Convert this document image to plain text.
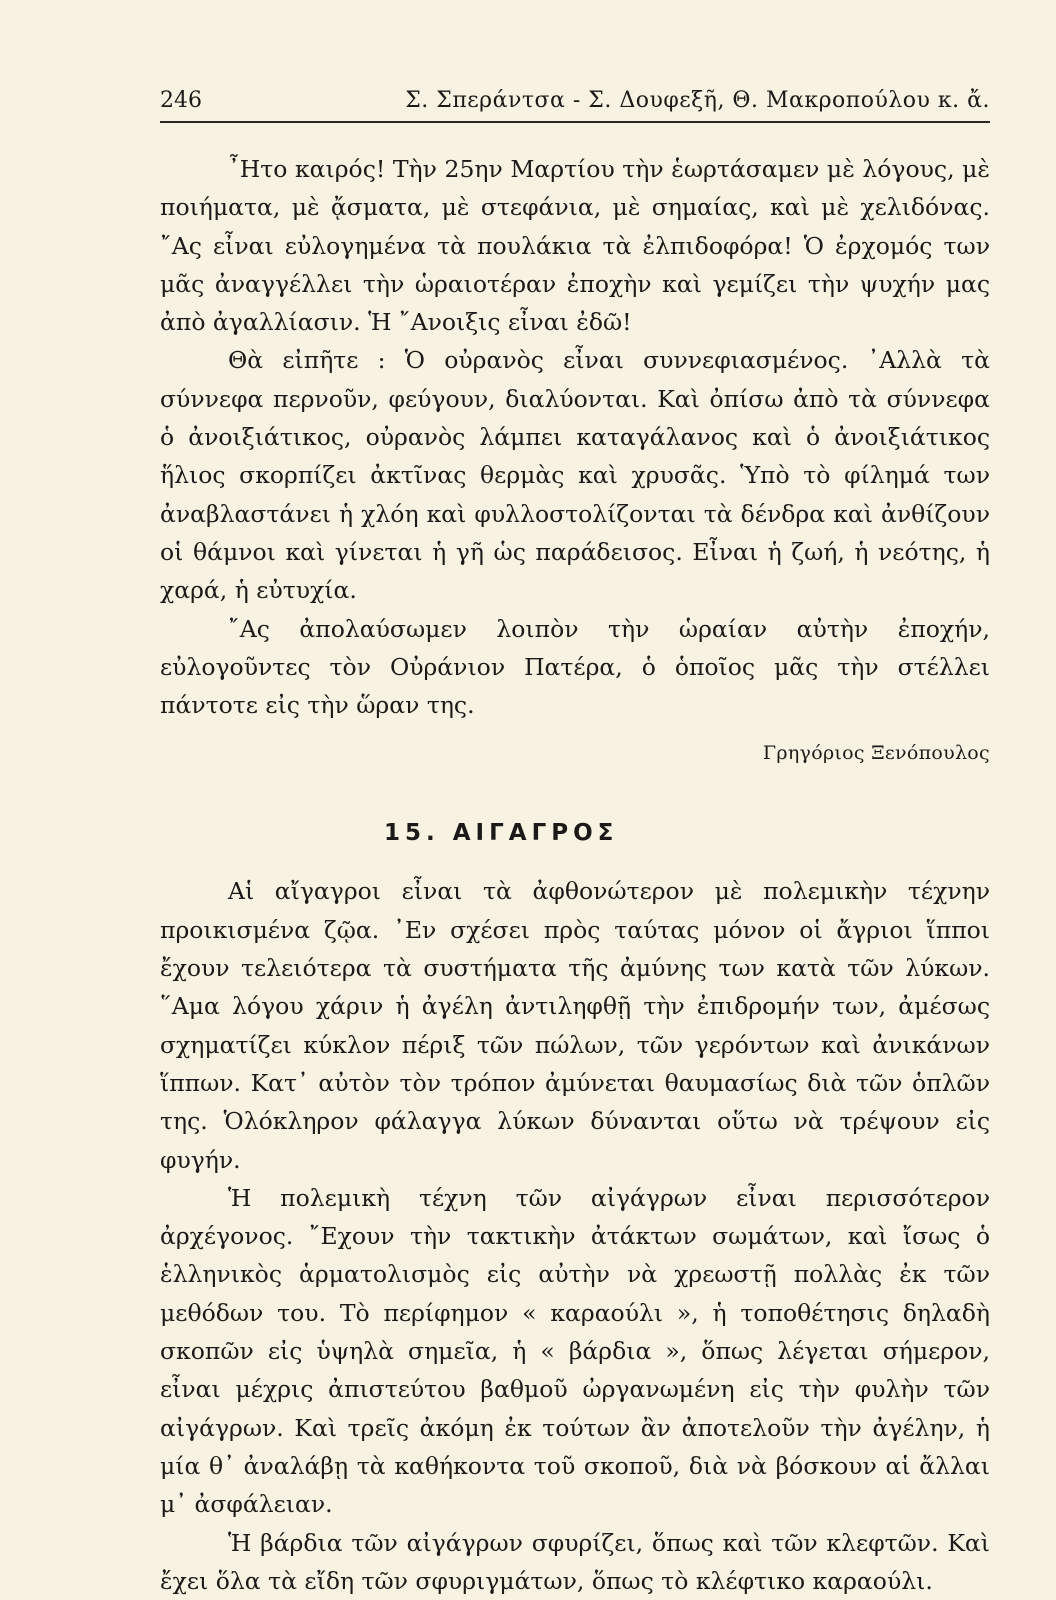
246	Σ. Σπεράντσα - Σ. Δουφεξῆ, Θ. Μακροπούλου κ. ἄ.

῏Ητο καιρός! Τὴν 25ην Μαρτίου τὴν ἑωρτάσαμεν μὲ λόγους, μὲ ποιήματα, μὲ ᾄσματα, μὲ στεφάνια, μὲ σημαίας, καὶ μὲ χελιδόνας. ῎Ας εἶναι εὐλογημένα τὰ πουλάκια τὰ ἐλπιδοφόρα! Ὁ ἐρχομός των μᾶς ἀναγγέλλει τὴν ὡραιοτέραν ἐποχὴν καὶ γεμίζει τὴν ψυχήν μας ἀπὸ ἀγαλλίασιν. Ἡ ῎Ανοιξις εἶναι ἐδῶ!

Θὰ εἰπῆτε : Ὁ οὐρανὸς εἶναι συννεφιασμένος. ᾿Αλλὰ τὰ σύννεφα περνοῦν, φεύγουν, διαλύονται. Καὶ ὀπίσω ἀπὸ τὰ σύννεφα ὁ ἀνοιξιάτικος, οὐρανὸς λάμπει καταγάλανος καὶ ὁ ἀνοιξιάτικος ἥλιος σκορπίζει ἀκτῖνας θερμὰς καὶ χρυσᾶς. Ὑπὸ τὸ φίλημά των ἀναβλαστάνει ἡ χλόη καὶ φυλλοστολίζονται τὰ δένδρα καὶ ἀνθίζουν οἱ θάμνοι καὶ γίνεται ἡ γῆ ὡς παράδεισος. Εἶναι ἡ ζωή, ἡ νεότης, ἡ χαρά, ἡ εὐτυχία.

῎Ας ἀπολαύσωμεν λοιπὸν τὴν ὡραίαν αὐτὴν ἐποχήν, εὐλογοῦντες τὸν Οὐράνιον Πατέρα, ὁ ὁποῖος μᾶς τὴν στέλλει πάντοτε εἰς τὴν ὥραν της.

Γρηγόριος Ξενόπουλος
15. ΑΙΓΑΓΡΟΣ

Αἱ αἴγαγροι εἶναι τὰ ἀφθονώτερον μὲ πολεμικὴν τέχνην προικισμένα ζῷα. ᾿Εν σχέσει πρὸς ταύτας μόνον οἱ ἄγριοι ἵπποι ἔχουν τελειότερα τὰ συστήματα τῆς ἀμύνης των κατὰ τῶν λύκων. ῞Αμα λόγου χάριν ἡ ἀγέλη ἀντιληφθῇ τὴν ἐπιδρομήν των, ἀμέσως σχηματίζει κύκλον πέριξ τῶν πώλων, τῶν γερόντων καὶ ἀνικάνων ἵππων. Κατ᾿ αὐτὸν τὸν τρόπον ἀμύνεται θαυμασίως διὰ τῶν ὁπλῶν της. Ὁλόκληρον φάλαγγα λύκων δύνανται οὕτω νὰ τρέψουν εἰς φυγήν.

Ἡ πολεμικὴ τέχνη τῶν αἰγάγρων εἶναι περισσότερον ἀρχέγονος. ῎Εχουν τὴν τακτικὴν ἀτάκτων σωμάτων, καὶ ἴσως ὁ ἑλληνικὸς ἁρματολισμὸς εἰς αὐτὴν νὰ χρεωστῇ πολλὰς ἐκ τῶν μεθόδων του. Τὸ περίφημον « καραούλι », ἡ τοποθέτησις δηλαδὴ σκοπῶν εἰς ὑψηλὰ σημεῖα, ἡ « βάρδια », ὅπως λέγεται σήμερον, εἶναι μέχρις ἀπιστεύτου βαθμοῦ ὠργανωμένη εἰς τὴν φυλὴν τῶν αἰγάγρων. Καὶ τρεῖς ἀκόμη ἐκ τούτων ἂν ἀποτελοῦν τὴν ἀγέλην, ἡ μία θ᾿ ἀναλάβῃ τὰ καθήκοντα τοῦ σκοποῦ, διὰ νὰ βόσκουν αἱ ἄλλαι μ᾿ ἀσφάλειαν.

Ἡ βάρδια τῶν αἰγάγρων σφυρίζει, ὅπως καὶ τῶν κλεφτῶν. Καὶ ἔχει ὅλα τὰ εἴδη τῶν σφυριγμάτων, ὅπως τὸ κλέφτικο καραούλι.
